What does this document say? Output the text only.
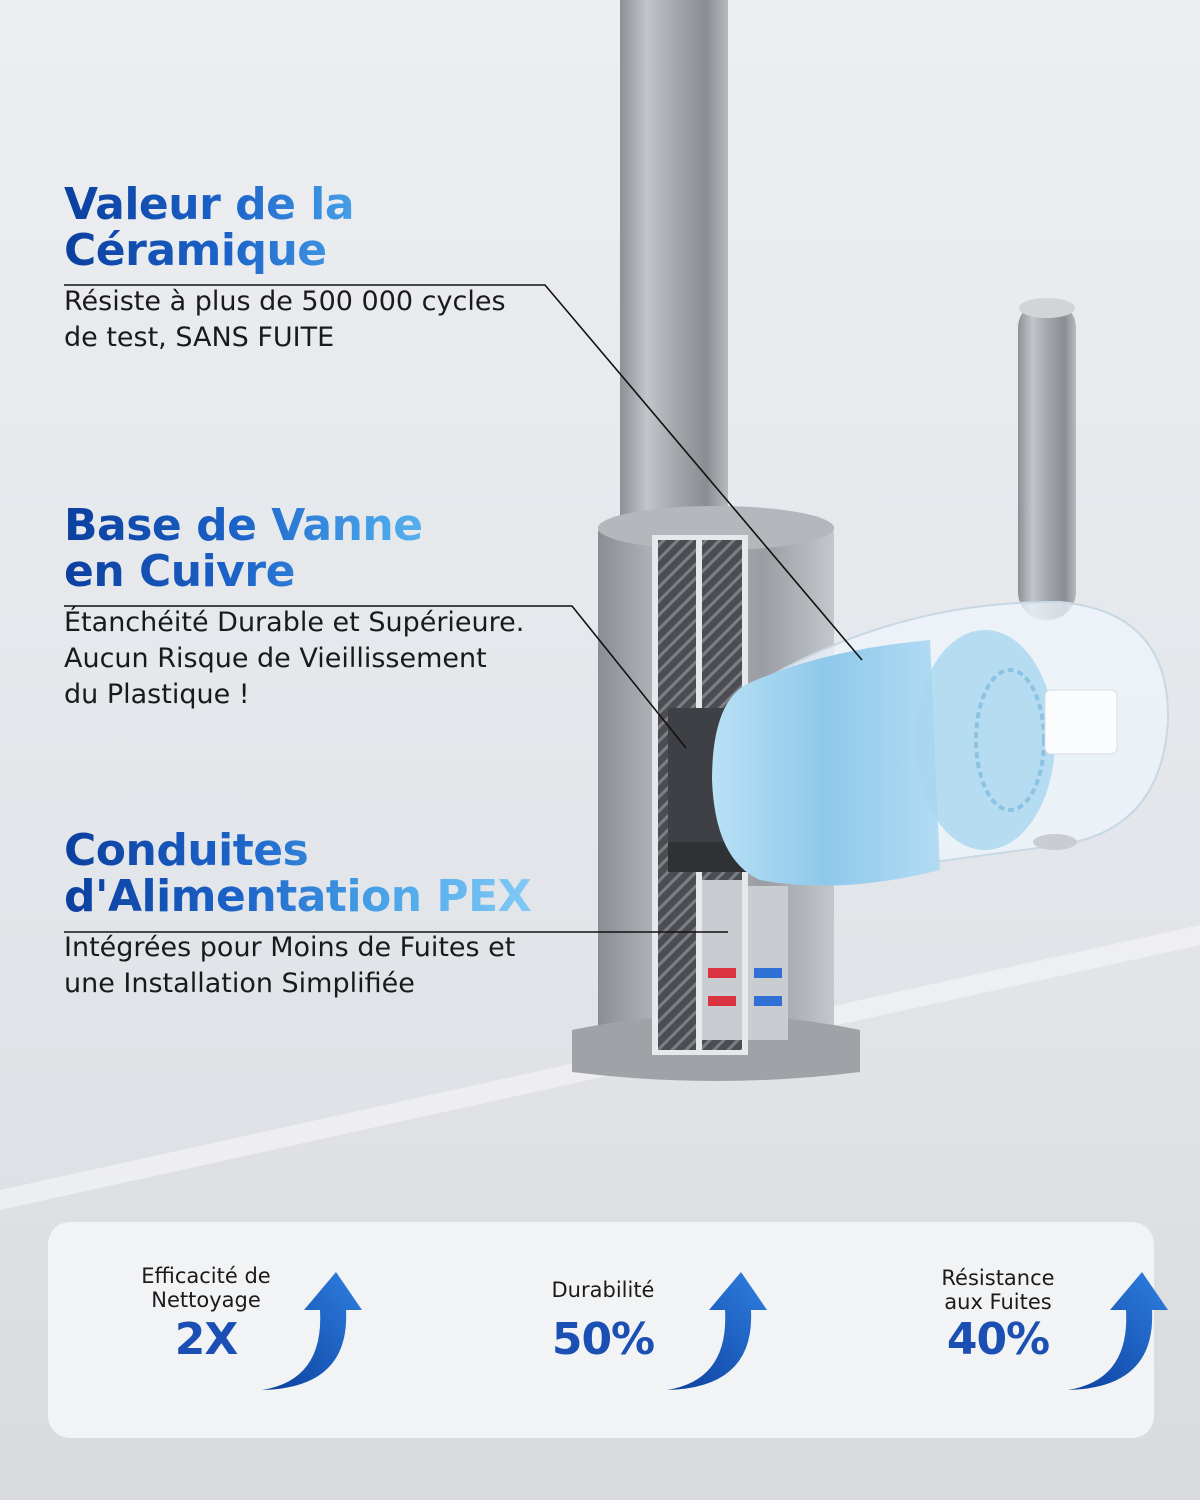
Valeur de la
Céramique

Résiste à plus de 500 000 cycles
de test, SANS FUITE

Base de Vanne
en Cuivre

Étanchéité Durable et Supérieure.
Aucun Risque de Vieillissement
du Plastique !

Conduites
d'Alimentation PEX

Intégrées pour Moins de Fuites et
une Installation Simplifiée

Efficacité de
Nettoyage
2X
Durabilité
50%
Résistance
aux Fuites
40%
